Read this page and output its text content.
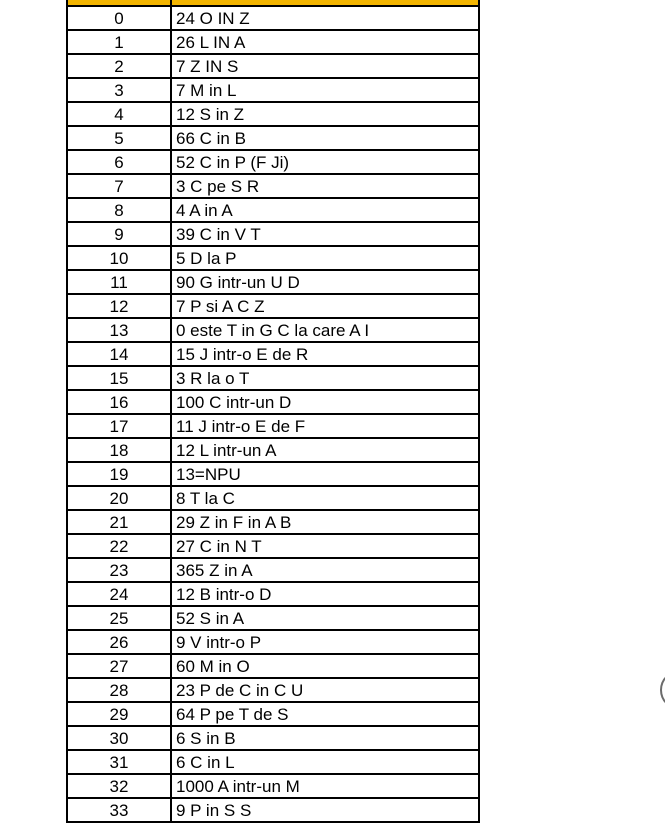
0	24 O IN Z
1	26 L IN A
2	7 Z IN S
3	7 M in L
4	12 S in Z
5	66 C in B
6	52 C in P (F Ji)
7	3 C pe S R
8	4 A in A
9	39 C in V T
10	5 D la P
11	90 G intr-un U D
12	7 P si A C Z
13	0 este T in G C la care A I
14	15 J intr-o E de R
15	3 R la o T
16	100 C intr-un D
17	11 J intr-o E de F
18	12 L intr-un A
19	13=NPU
20	8 T la C
21	29 Z in F in A B
22	27 C in N T
23	365 Z in A
24	12 B intr-o D
25	52 S in A
26	9 V intr-o P
27	60 M in O
28	23 P de C in C U
29	64 P pe T de S
30	6 S in B
31	6 C in L
32	1000 A intr-un M
33	9 P in S S
